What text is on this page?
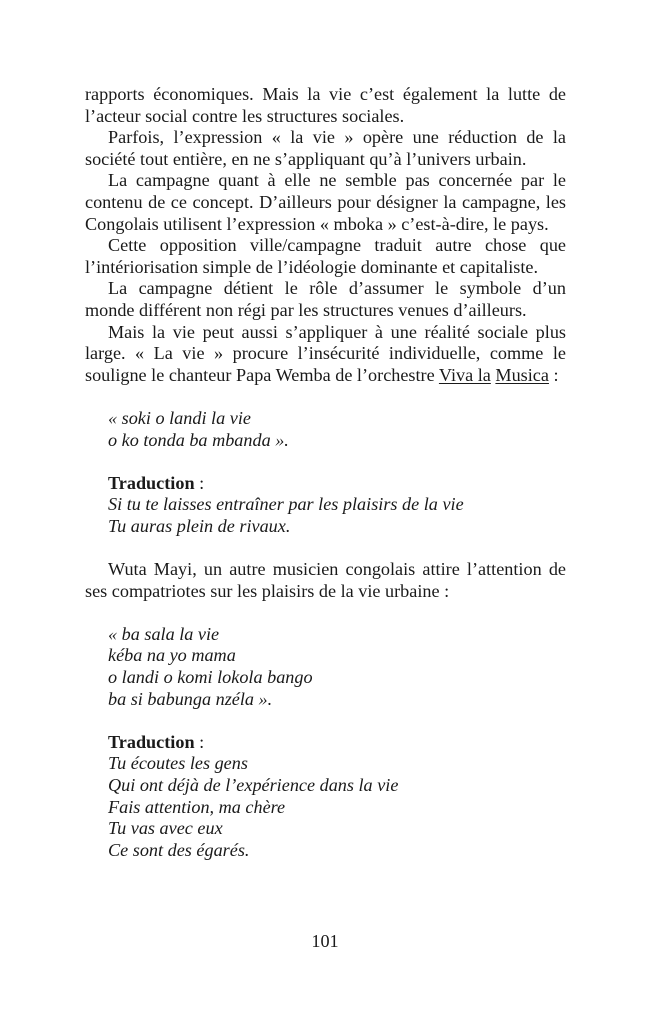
rapports économiques. Mais la vie c’est également la lutte de
l’acteur social contre les structures sociales.
Parfois, l’expression « la vie » opère une réduction de la
société tout entière, en ne s’appliquant qu’à l’univers urbain.
La campagne quant à elle ne semble pas concernée par le
contenu de ce concept. D’ailleurs pour désigner la campagne, les
Congolais utilisent l’expression « mboka » c’est-à-dire, le pays.
Cette opposition ville/campagne traduit autre chose que
l’intériorisation simple de l’idéologie dominante et capitaliste.
La campagne détient le rôle d’assumer le symbole d’un
monde différent non régi par les structures venues d’ailleurs.
Mais la vie peut aussi s’appliquer à une réalité sociale plus
large. « La vie » procure l’insécurité individuelle, comme le
souligne le chanteur Papa Wemba de l’orchestre Viva la Musica :
« soki o landi la vie
o ko tonda ba mbanda ».
Traduction :
Si tu te laisses entraîner par les plaisirs de la vie
Tu auras plein de rivaux.
Wuta Mayi, un autre musicien congolais attire l’attention de
ses compatriotes sur les plaisirs de la vie urbaine :
« ba sala la vie
kéba na yo mama
o landi o komi lokola bango
ba si babunga nzéla ».
Traduction :
Tu écoutes les gens
Qui ont déjà de l’expérience dans la vie
Fais attention, ma chère
Tu vas avec eux
Ce sont des égarés.
101
